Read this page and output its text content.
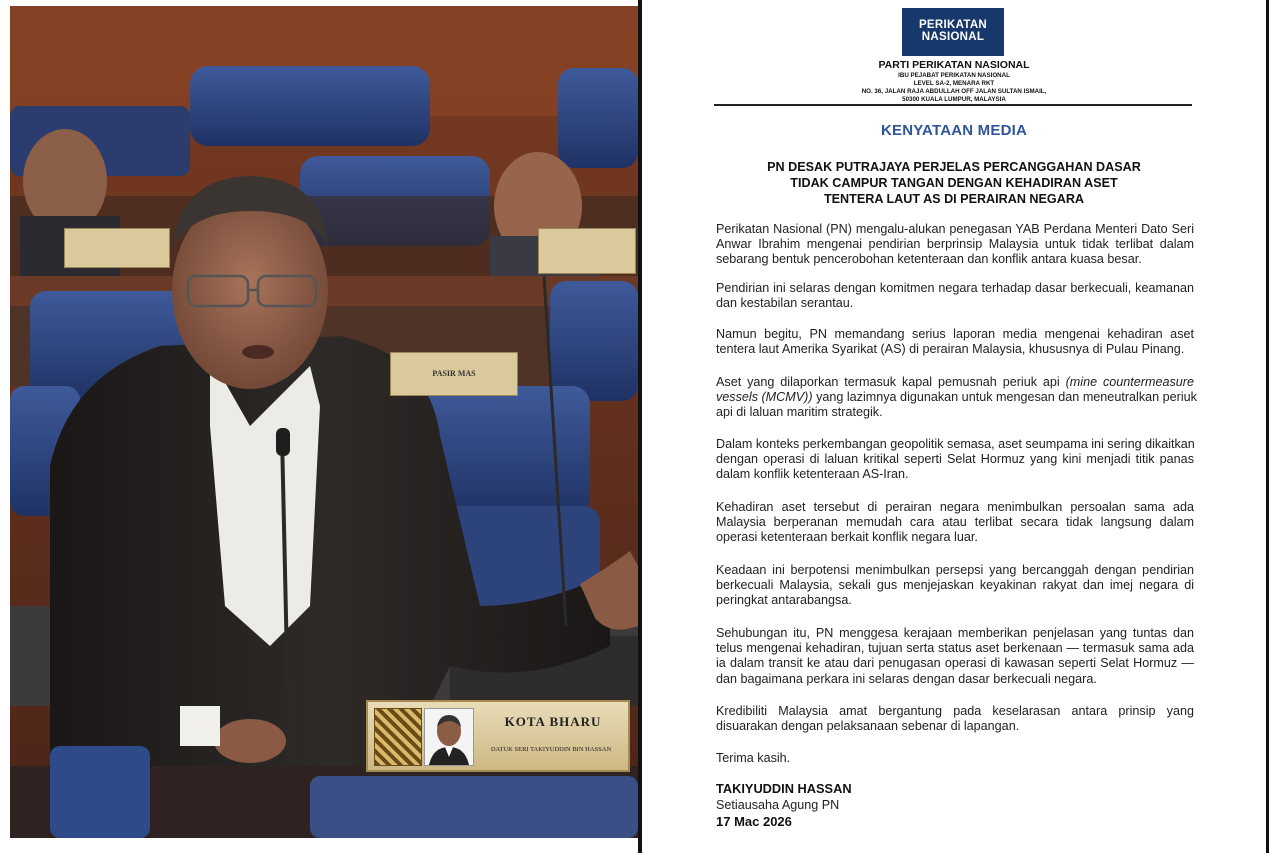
PASIR MAS
KOTA BHARU
DATUK SERI TAKIYUDDIN BIN HASSAN
PERIKATAN
NASIONAL
PARTI PERIKATAN NASIONAL
IBU PEJABAT PERIKATAN NASIONAL
LEVEL SA-2, MENARA RKT
NO. 36, JALAN RAJA ABDULLAH OFF JALAN SULTAN ISMAIL,
50300 KUALA LUMPUR, MALAYSIA
KENYATAAN MEDIA
PN DESAK PUTRAJAYA PERJELAS PERCANGGAHAN DASAR
TIDAK CAMPUR TANGAN DENGAN KEHADIRAN ASET
TENTERA LAUT AS DI PERAIRAN NEGARA
Perikatan Nasional (PN) mengalu-alukan penegasan YAB Perdana Menteri Dato Seri
Anwar Ibrahim mengenai pendirian berprinsip Malaysia untuk tidak terlibat dalam
sebarang bentuk pencerobohan ketenteraan dan konflik antara kuasa besar.
Pendirian ini selaras dengan komitmen negara terhadap dasar berkecuali, keamanan
dan kestabilan serantau.
Namun begitu, PN memandang serius laporan media mengenai kehadiran aset
tentera laut Amerika Syarikat (AS) di perairan Malaysia, khususnya di Pulau Pinang.
Aset yang dilaporkan termasuk kapal pemusnah periuk api (mine countermeasure
vessels (MCMV)) yang lazimnya digunakan untuk mengesan dan meneutralkan periuk
api di laluan maritim strategik.
Dalam konteks perkembangan geopolitik semasa, aset seumpama ini sering dikaitkan
dengan operasi di laluan kritikal seperti Selat Hormuz yang kini menjadi titik panas
dalam konflik ketenteraan AS-Iran.
Kehadiran aset tersebut di perairan negara menimbulkan persoalan sama ada
Malaysia berperanan memudah cara atau terlibat secara tidak langsung dalam
operasi ketenteraan berkait konflik negara luar.
Keadaan ini berpotensi menimbulkan persepsi yang bercanggah dengan pendirian
berkecuali Malaysia, sekali gus menjejaskan keyakinan rakyat dan imej negara di
peringkat antarabangsa.
Sehubungan itu, PN menggesa kerajaan memberikan penjelasan yang tuntas dan
telus mengenai kehadiran, tujuan serta status aset berkenaan — termasuk sama ada
ia dalam transit ke atau dari penugasan operasi di kawasan seperti Selat Hormuz —
dan bagaimana perkara ini selaras dengan dasar berkecuali negara.
Kredibiliti Malaysia amat bergantung pada keselarasan antara prinsip yang
disuarakan dengan pelaksanaan sebenar di lapangan.
Terima kasih.
TAKIYUDDIN HASSAN
Setiausaha Agung PN
17 Mac 2026
